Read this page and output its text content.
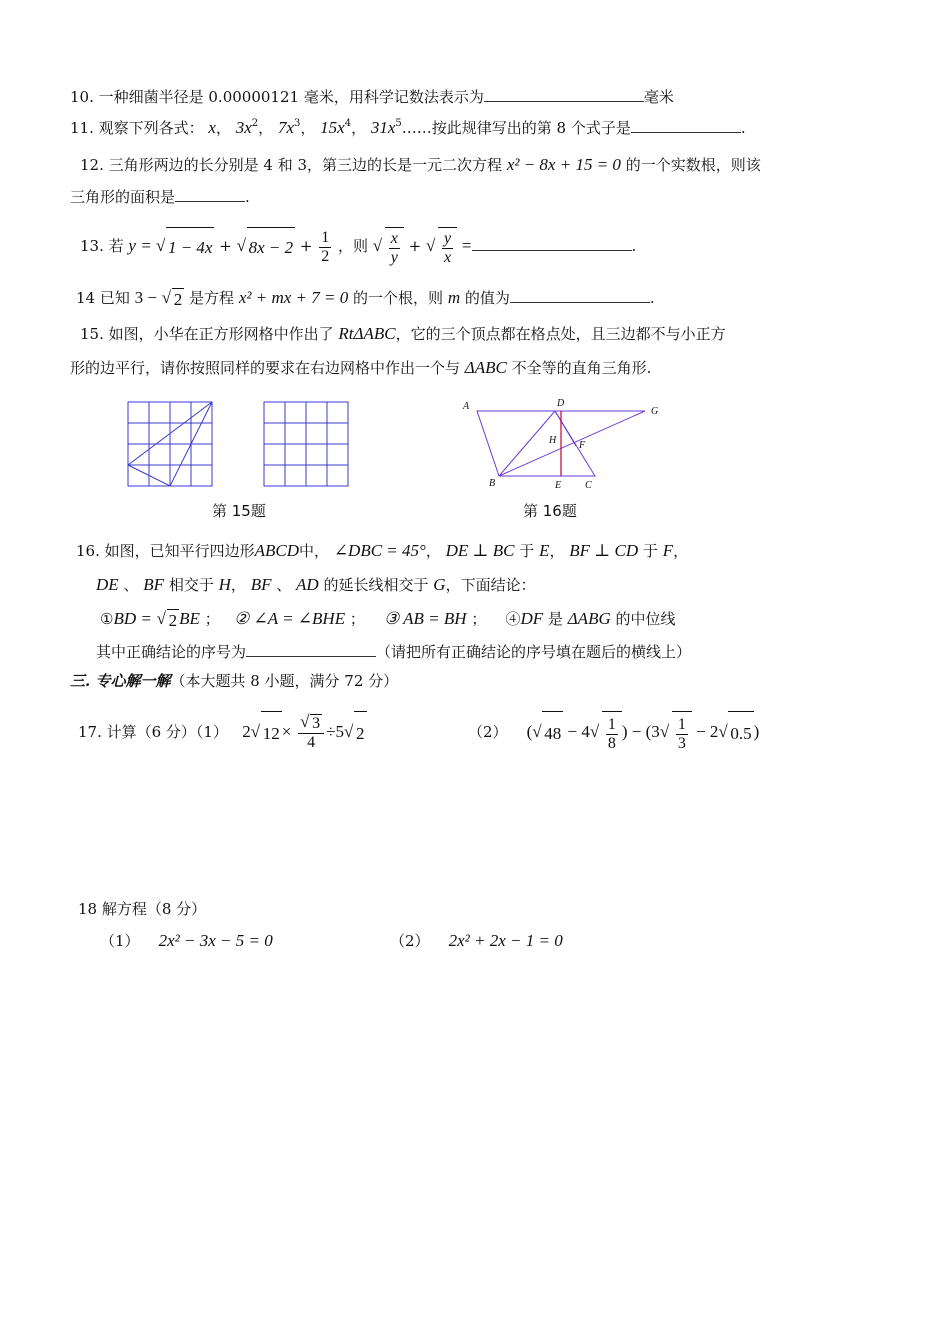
10. 一种细菌半径是 0.00000121 毫米，用科学记数法表示为	毫米
11. 观察下列各式： x， $3x^2$， $7x^3$， $15x^4$， $31x^5\dots\dots$按此规律写出的第 8 个式子是	.
12. 三角形两边的长分别是 4 和 3，第三边的长是一元二次方程 x² − 8x + 15 = 0 的一个实数根，则该
三角形的面积是	.
13. 若 y = √ 1 − 4x + √ $8x - 2 + \frac{1}{2}$ ，则
√ $\frac{x}{y}$ +
√ $\frac{y}{x}$ =	.
14 已知 3 − √ 2 是方程 x² + mx + 7 = 0 的一个根，则 m 的值为	.
15. 如图，小华在正方形网格中作出了 RtΔABC，它的三个顶点都在格点处，且三边都不与小正方
形的边平行，请你按照同样的要求在右边网格中作出一个与 ΔABC 不全等的直角三角形.
第 15题
A	D
G
H F
B	E C
第 16题
16. 如图，已知平行四边形ABCD中， ∠DBC = 45°， DE ⊥ BC 于 E， BF ⊥ CD 于 F，
DE 、 BF 相交于 H， BF 、 AD 的延长线相交于 G，下面结论：
①BD = √ 2 BE ； ② ∠A = ∠BHE ； ③ AB = BH ； ④DF 是 ΔABG 的中位线
其中正确结论的序号为	（请把所有正确结论的序号填在题后的横线上）
三. 专心解一解（本大题共 8 小题，满分 72 分）
17. 计算（6 分）（1） 2√ 12 ×
√ $\frac{3}{4} \div 5√$ 2	（2） (√ 48 − 4
√ $\frac{1}{8}$ ) − (3
√ $\frac{1}{3} - 2√$ 0.5 )
18 解方程（8 分）
（1） 2x² − 3x − 5 = 0	（2） 2x² + 2x − 1 = 0
